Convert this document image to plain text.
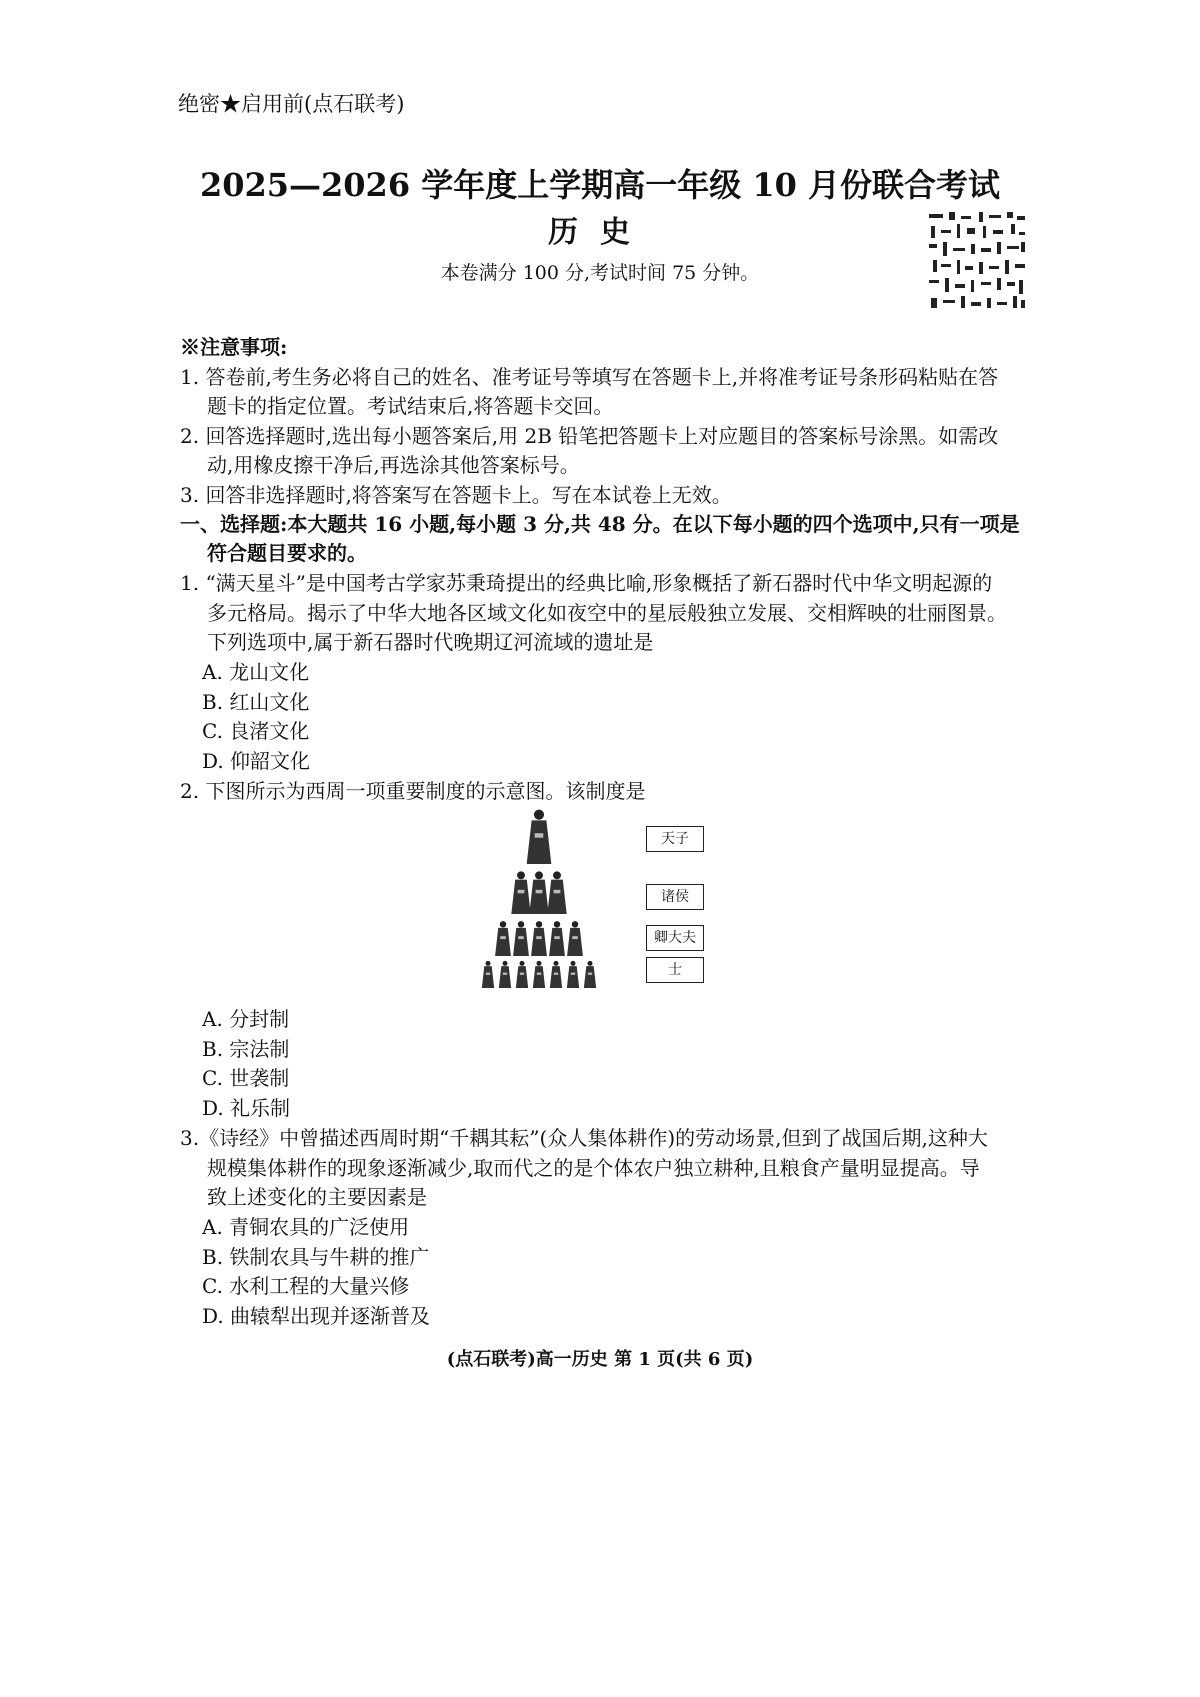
绝密★启用前(点石联考)
2025—2026 学年度上学期高一年级 10 月份联合考试
历史
本卷满分 100 分,考试时间 75 分钟。
※注意事项:
1. 答卷前,考生务必将自己的姓名、准考证号等填写在答题卡上,并将准考证号条形码粘贴在答
题卡的指定位置。考试结束后,将答题卡交回。
2. 回答选择题时,选出每小题答案后,用 2B 铅笔把答题卡上对应题目的答案标号涂黑。如需改
动,用橡皮擦干净后,再选涂其他答案标号。
3. 回答非选择题时,将答案写在答题卡上。写在本试卷上无效。
一、选择题:本大题共 16 小题,每小题 3 分,共 48 分。在以下每小题的四个选项中,只有一项是
符合题目要求的。
1. “满天星斗”是中国考古学家苏秉琦提出的经典比喻,形象概括了新石器时代中华文明起源的
多元格局。揭示了中华大地各区域文化如夜空中的星辰般独立发展、交相辉映的壮丽图景。
下列选项中,属于新石器时代晚期辽河流域的遗址是
A. 龙山文化
B. 红山文化
C. 良渚文化
D. 仰韶文化
2. 下图所示为西周一项重要制度的示意图。该制度是
天子
诸侯
卿大夫
士
A. 分封制
B. 宗法制
C. 世袭制
D. 礼乐制
3.《诗经》中曾描述西周时期“千耦其耘”(众人集体耕作)的劳动场景,但到了战国后期,这种大
规模集体耕作的现象逐渐减少,取而代之的是个体农户独立耕种,且粮食产量明显提高。导
致上述变化的主要因素是
A. 青铜农具的广泛使用
B. 铁制农具与牛耕的推广
C. 水利工程的大量兴修
D. 曲辕犁出现并逐渐普及
(点石联考)高一历史 第 1 页(共 6 页)
